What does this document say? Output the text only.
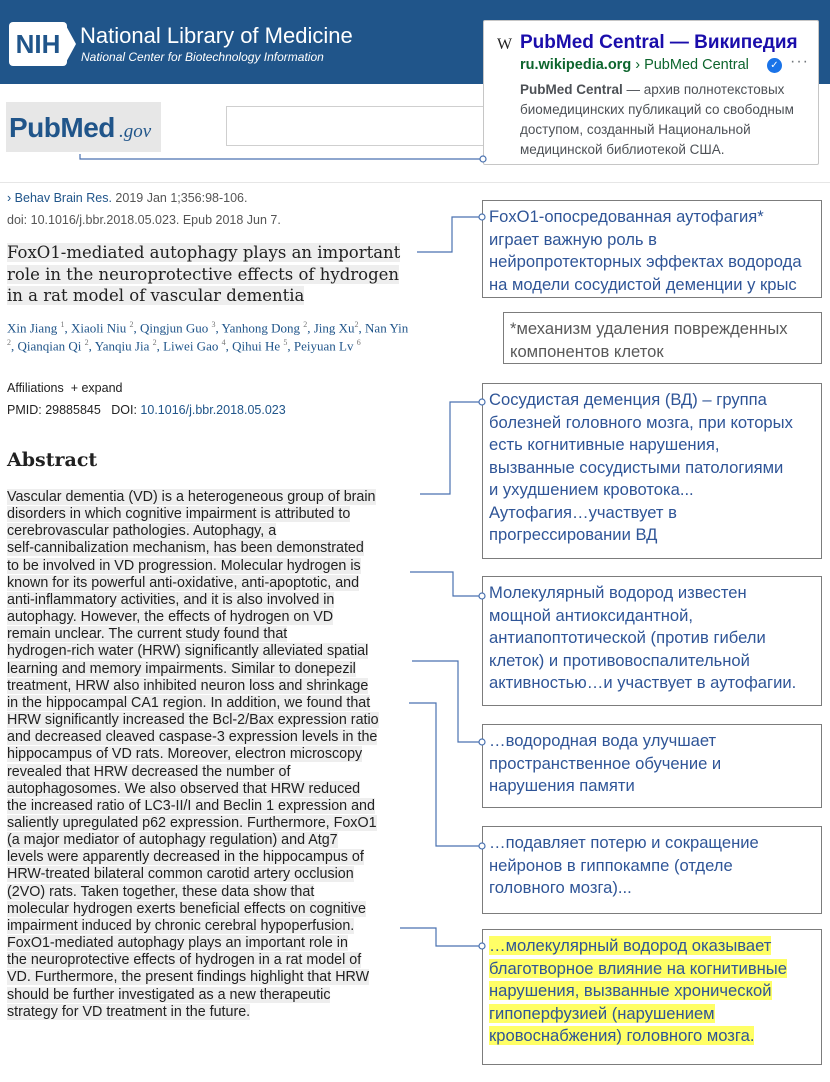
NIH National Library of Medicine
National Center for Biotechnology Information
PubMed .gov
W PubMed Central — Википедия
ru.wikipedia.org › PubMed Central	✓ ···
PubMed Central — архив полнотекстовых биомедицинских публикаций со свободным доступом, созданный Национальной медицинской библиотекой США.
› Behav Brain Res. 2019 Jan 1;356:98-106.
doi: 10.1016/j.bbr.2018.05.023. Epub 2018 Jun 7.
FoxO1-mediated autophagy plays an important
role in the neuroprotective effects of hydrogen
in a rat model of vascular dementia
Xin Jiang $^1$, Xiaoli Niu $^2$, Qingjun Guo $^3$, Yanhong Dong $^2$, Jing Xu$^2$, Nan Yin $^2$, Qianqian Qi $^2$, Yanqiu Jia $^2$, Liwei Gao $^4$, Qihui He $^5$, Peiyuan Lv $^6$
Affiliations + expand
PMID: 29885845 DOI: 10.1016/j.bbr.2018.05.023
Abstract
Vascular dementia (VD) is a heterogeneous group of brain
disorders in which cognitive impairment is attributed to
cerebrovascular pathologies. Autophagy, a
self-cannibalization mechanism, has been demonstrated
to be involved in VD progression. Molecular hydrogen is
known for its powerful anti-oxidative, anti-apoptotic, and
anti-inflammatory activities, and it is also involved in
autophagy. However, the effects of hydrogen on VD
remain unclear. The current study found that
hydrogen-rich water (HRW) significantly alleviated spatial
learning and memory impairments. Similar to donepezil
treatment, HRW also inhibited neuron loss and shrinkage
in the hippocampal CA1 region. In addition, we found that
HRW significantly increased the Bcl-2/Bax expression ratio
and decreased cleaved caspase-3 expression levels in the
hippocampus of VD rats. Moreover, electron microscopy
revealed that HRW decreased the number of
autophagosomes. We also observed that HRW reduced
the increased ratio of LC3-II/I and Beclin 1 expression and
saliently upregulated p62 expression. Furthermore, FoxO1
(a major mediator of autophagy regulation) and Atg7
levels were apparently decreased in the hippocampus of
HRW-treated bilateral common carotid artery occlusion
(2VO) rats. Taken together, these data show that
molecular hydrogen exerts beneficial effects on cognitive
impairment induced by chronic cerebral hypoperfusion.
FoxO1-mediated autophagy plays an important role in
the neuroprotective effects of hydrogen in a rat model of
VD. Furthermore, the present findings highlight that HRW
should be further investigated as a new therapeutic
strategy for VD treatment in the future.

FoxO1-опосредованная аутофагия*
играет важную роль в
нейропротекторных эффектах водорода
на модели сосудистой деменции у крыс
*механизм удаления поврежденных
компонентов клеток
Сосудистая деменция (ВД) – группа
болезней головного мозга, при которых
есть когнитивные нарушения,
вызванные сосудистыми патологиями
и ухудшением кровотока...
Аутофагия…участвует в
прогрессировании ВД
Молекулярный водород известен
мощной антиоксидантной,
антиапоптотической (против гибели
клеток) и противовоспалительной
активностью…и участвует в аутофагии.
…водородная вода улучшает
пространственное обучение и
нарушения памяти
…подавляет потерю и сокращение
нейронов в гиппокампе (отделе
головного мозга)...
…молекулярный водород оказывает
благотворное влияние на когнитивные
нарушения, вызванные хронической
гипоперфузией (нарушением
кровоснабжения) головного мозга.
